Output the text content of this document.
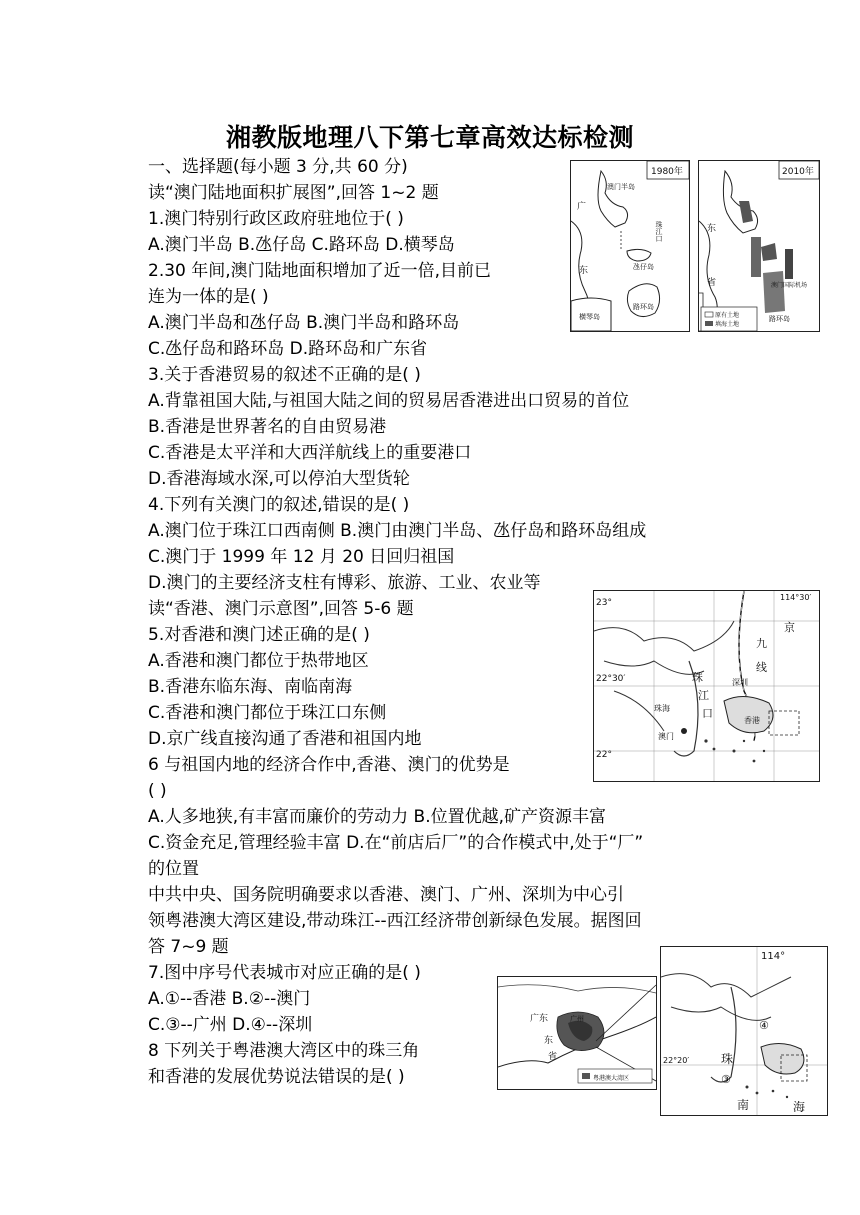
湘教版地理八下第七章高效达标检测
一、选择题(每小题 3 分,共 60 分)
读“澳门陆地面积扩展图”,回答 1~2 题
1.澳门特别行政区政府驻地位于( )
A.澳门半岛 B.氹仔岛 C.路环岛 D.横琴岛
2.30 年间,澳门陆地面积增加了近一倍,目前已
连为一体的是( )
A.澳门半岛和氹仔岛 B.澳门半岛和路环岛
C.氹仔岛和路环岛 D.路环岛和广东省
3.关于香港贸易的叙述不正确的是( )
A.背靠祖国大陆,与祖国大陆之间的贸易居香港进出口贸易的首位
B.香港是世界著名的自由贸易港
C.香港是太平洋和大西洋航线上的重要港口
D.香港海域水深,可以停泊大型货轮
4.下列有关澳门的叙述,错误的是( )
A.澳门位于珠江口西南侧 B.澳门由澳门半岛、氹仔岛和路环岛组成
C.澳门于 1999 年 12 月 20 日回归祖国
D.澳门的主要经济支柱有博彩、旅游、工业、农业等
读“香港、澳门示意图”,回答 5-6 题
5.对香港和澳门述正确的是( )
A.香港和澳门都位于热带地区
B.香港东临东海、南临南海
C.香港和澳门都位于珠江口东侧
D.京广线直接沟通了香港和祖国内地
6 与祖国内地的经济合作中,香港、澳门的优势是
( )
A.人多地狭,有丰富而廉价的劳动力 B.位置优越,矿产资源丰富
C.资金充足,管理经验丰富 D.在“前店后厂”的合作模式中,处于“厂”
的位置
中共中央、国务院明确要求以香港、澳门、广州、深圳为中心引
领粤港澳大湾区建设,带动珠江--西江经济带创新绿色发展。据图回
答 7~9 题
7.图中序号代表城市对应正确的是( )
A.①--香港 B.②--澳门
C.③--广州 D.④--深圳
8 下列关于粤港澳大湾区中的珠三角
和香港的发展优势说法错误的是( )
1980年
澳门半岛
珠江口
氹仔岛
路环岛
横琴岛
广
东
2010年
原有土地
填海土地
澳门国际机场
路环岛
东
省
23°
22°30′
22°
114°30′
京
九
线
珠
江
口
深圳
珠海
澳门
香港
粤港澳大湾区
广州
广东
东
省
114°
22°20′
④
③
珠
南	海
